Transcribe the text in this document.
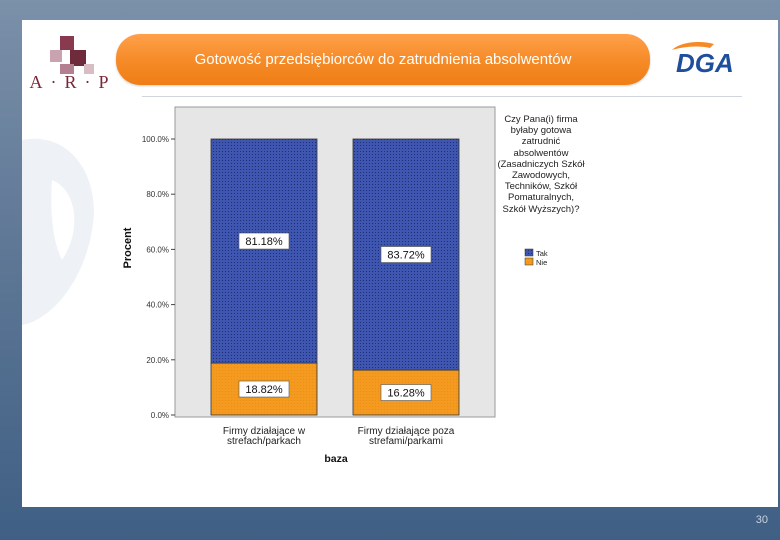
A·R·P
Gotowość przedsiębiorców do zatrudnienia absolwentów	DGA
0.0%
20.0%
40.0%
60.0%
80.0%
100.0%
Procent	81.18%
18.82%
Firmy działające w
strefach/parkach
83.72%
16.28%
Firmy działające poza
strefami/parkami
baza
Tak
Nie
Czy Pana(i) firma byłaby gotowa zatrudnić absolwentów (Zasadniczych Szkół Zawodowych, Techników, Szkół Pomaturalnych, Szkół Wyższych)?
30
